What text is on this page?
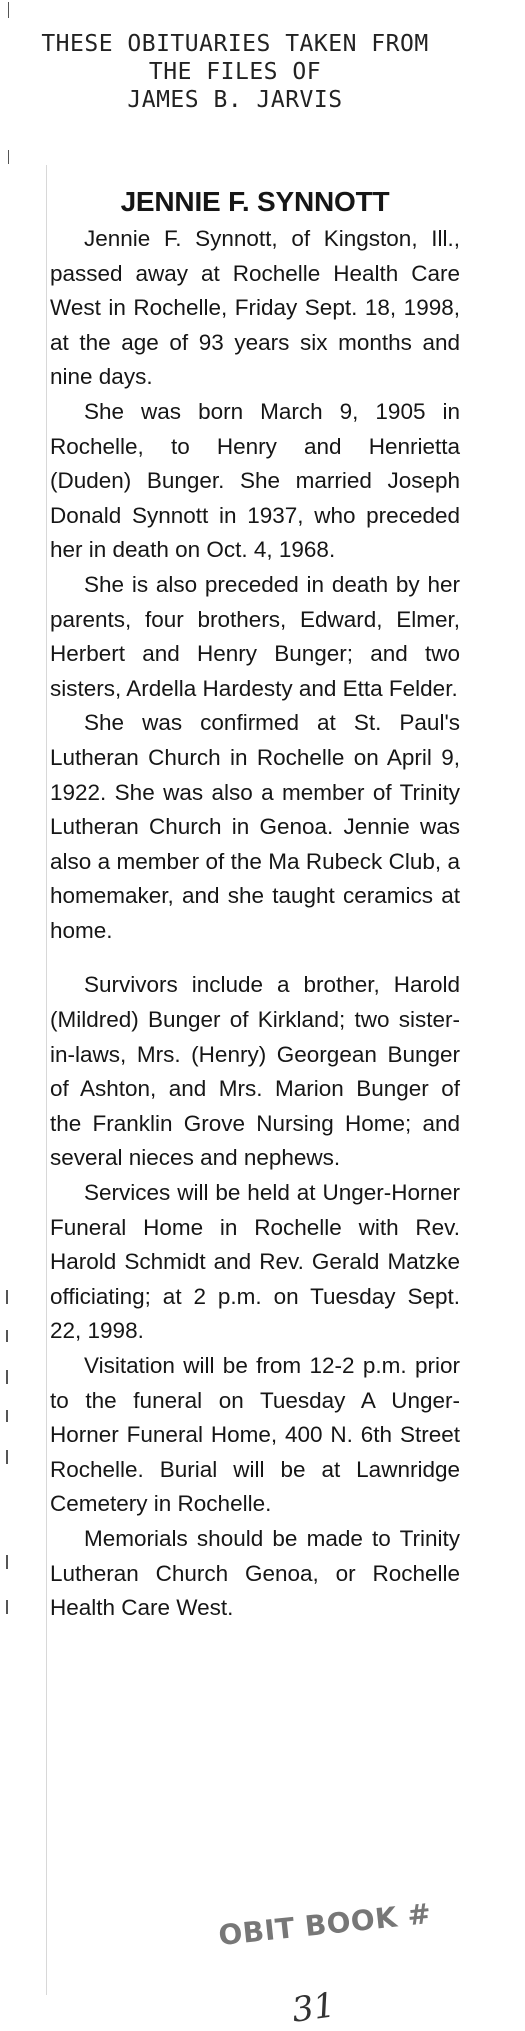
THESE OBITUARIES TAKEN FROM
THE FILES OF
JAMES B. JARVIS
JENNIE F. SYNNOTT

Jennie F. Synnott, of Kingston, Ill., passed away at Rochelle Health Care West in Rochelle, Friday Sept. 18, 1998, at the age of 93 years six months and nine days.

She was born March 9, 1905 in Rochelle, to Henry and Henrietta (Duden) Bunger. She married Joseph Donald Synnott in 1937, who preceded her in death on Oct. 4, 1968.

She is also preceded in death by her parents, four brothers, Edward, Elmer, Herbert and Henry Bunger; and two sisters, Ardella Hardesty and Etta Felder.

She was confirmed at St. Paul's Lutheran Church in Rochelle on April 9, 1922. She was also a member of Trinity Lutheran Church in Genoa. Jennie was also a member of the Ma Rubeck Club, a homemaker, and she taught ceramics at home.

Survivors include a brother, Harold (Mildred) Bunger of Kirkland; two sister-in-laws, Mrs. (Henry) Georgean Bunger of Ashton, and Mrs. Marion Bunger of the Franklin Grove Nursing Home; and several nieces and nephews.

Services will be held at Unger-Horner Funeral Home in Rochelle with Rev. Harold Schmidt and Rev. Gerald Matzke officiating; at 2 p.m. on Tuesday Sept. 22, 1998.

Visitation will be from 12-2 p.m. prior to the funeral on Tuesday A Unger-Horner Funeral Home, 400 N. 6th Street Rochelle. Burial will be at Lawnridge Cemetery in Rochelle.

Memorials should be made to Trinity Lutheran Church Genoa, or Rochelle Health Care West.

OBIT BOOK #
31
